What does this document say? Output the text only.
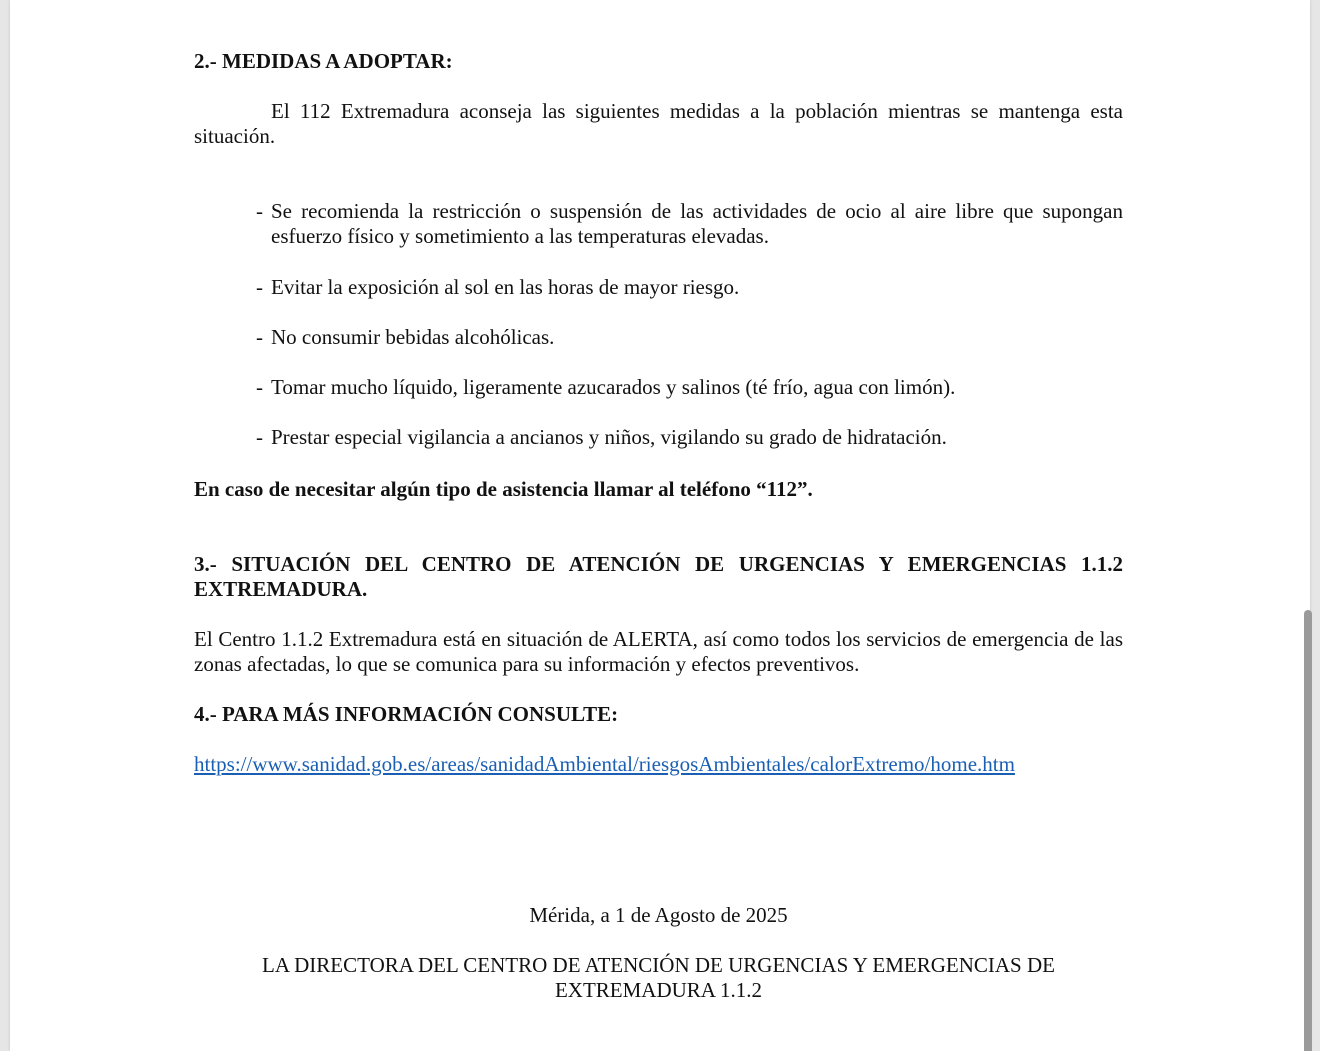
2.- MEDIDAS A ADOPTAR:
El 112 Extremadura aconseja las siguientes medidas a la población mientras se mantenga esta situación.
- Se recomienda la restricción o suspensión de las actividades de ocio al aire libre que supongan esfuerzo físico y sometimiento a las temperaturas elevadas.
- Evitar la exposición al sol en las horas de mayor riesgo.
- No consumir bebidas alcohólicas.
- Tomar mucho líquido, ligeramente azucarados y salinos (té frío, agua con limón).
- Prestar especial vigilancia a ancianos y niños, vigilando su grado de hidratación.
En caso de necesitar algún tipo de asistencia llamar al teléfono “112”.
3.- SITUACIÓN DEL CENTRO DE ATENCIÓN DE URGENCIAS Y EMERGENCIAS 1.1.2 EXTREMADURA.
El Centro 1.1.2 Extremadura está en situación de ALERTA, así como todos los servicios de emergencia de las zonas afectadas, lo que se comunica para su información y efectos preventivos.
4.- PARA MÁS INFORMACIÓN CONSULTE:
https://www.sanidad.gob.es/areas/sanidadAmbiental/riesgosAmbientales/calorExtremo/home.htm
Mérida, a 1 de Agosto de 2025
LA DIRECTORA DEL CENTRO DE ATENCIÓN DE URGENCIAS Y EMERGENCIAS DE
EXTREMADURA 1.1.2
